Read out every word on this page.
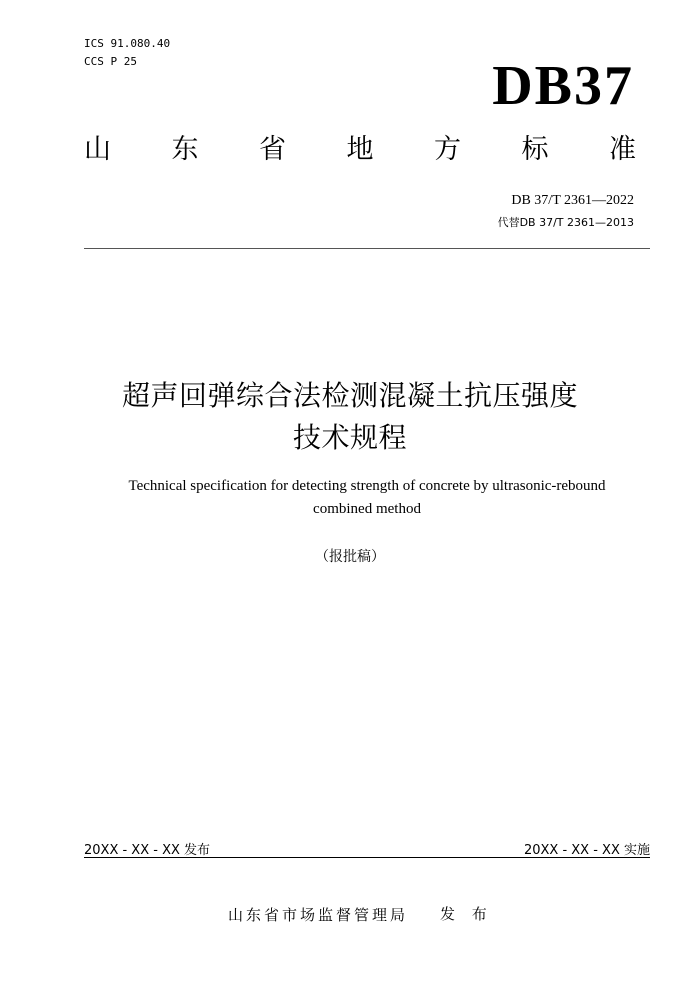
ICS 91.080.40
CCS P 25	DB37
山 东 省 地 方 标 准
DB 37/T 2361—2022
代替DB 37/T 2361—2013
超声回弹综合法检测混凝土抗压强度
技术规程
Technical specification for detecting strength of concrete by ultrasonic-rebound
combined method
（报批稿）
20XX - XX - XX 发布	20XX - XX - XX 实施
山东省市场监督管理局 发 布
